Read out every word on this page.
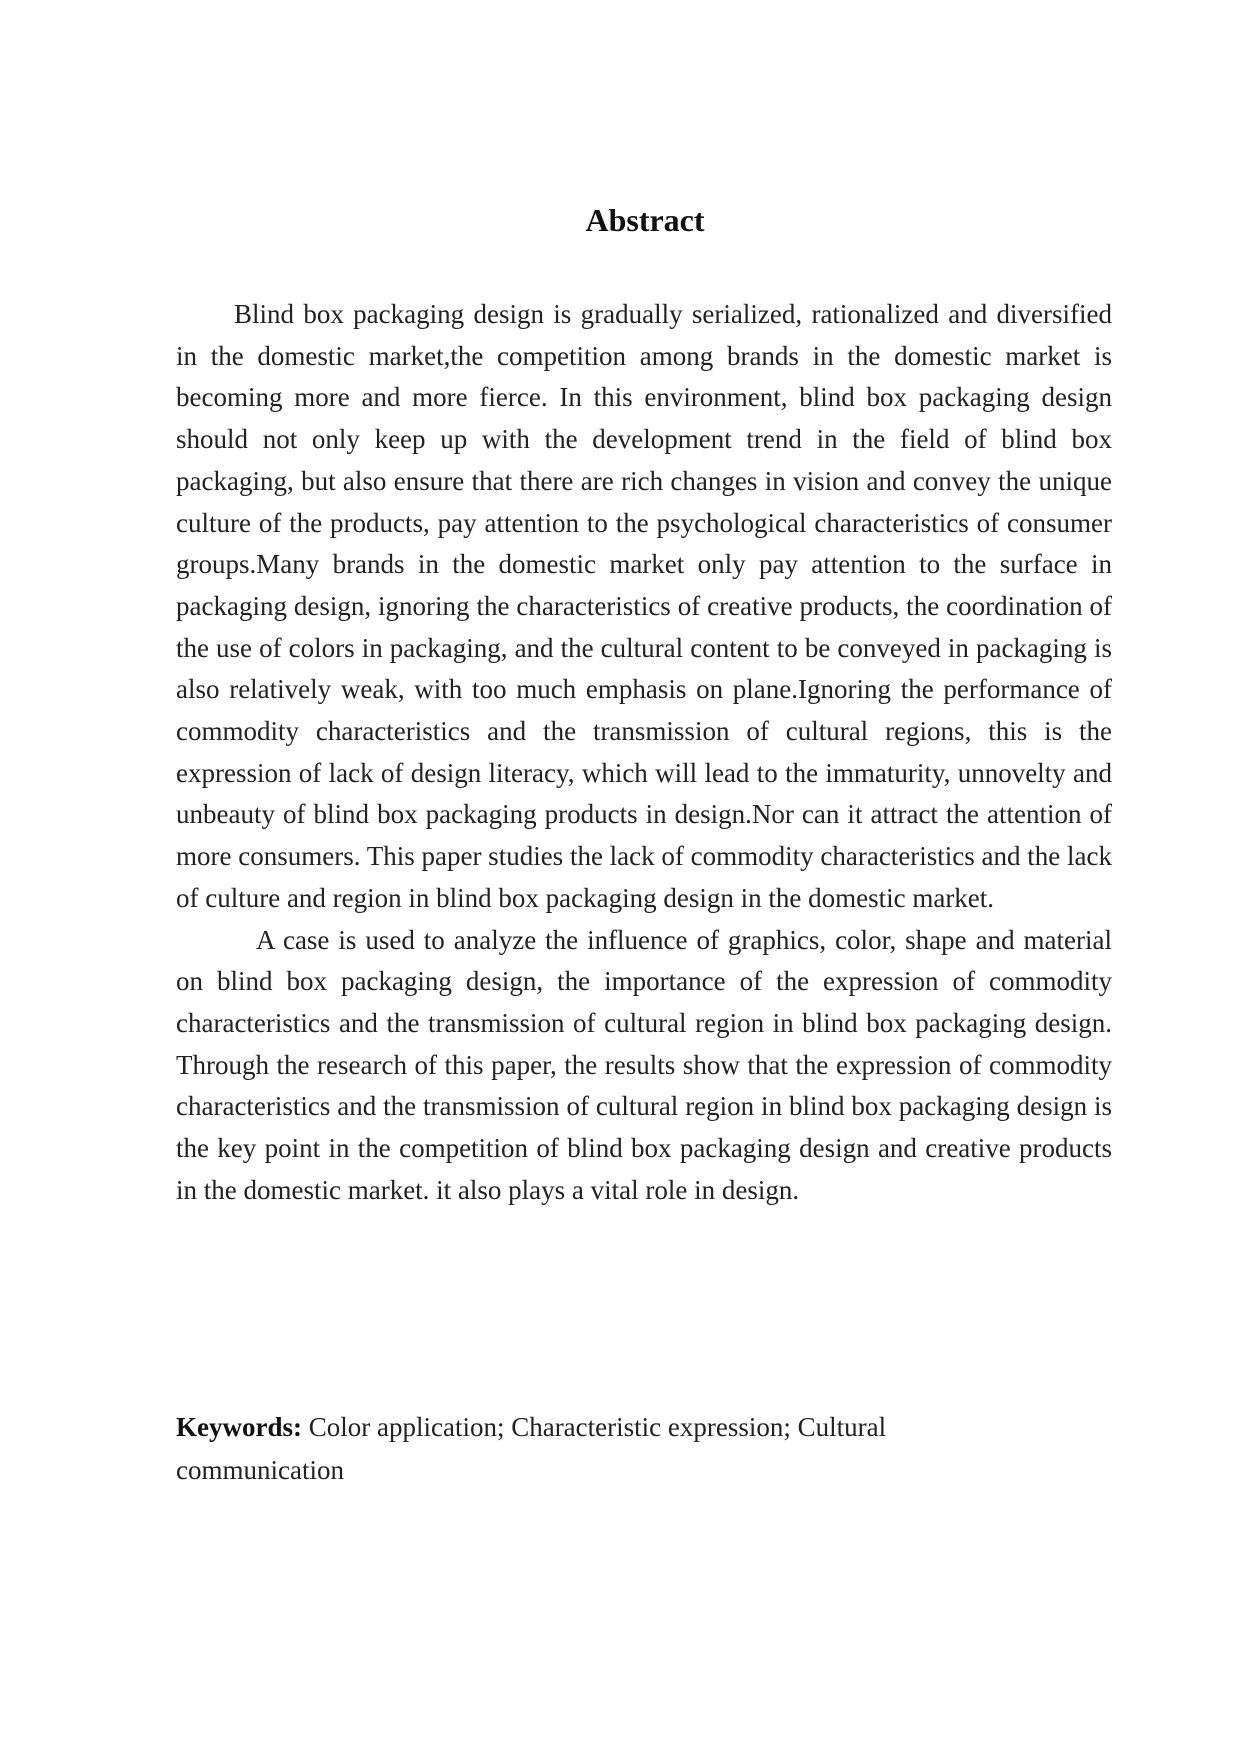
Abstract

Blind box packaging design is gradually serialized, rationalized and diversified in the domestic market,the competition among brands in the domestic market is becoming more and more fierce. In this environment, blind box packaging design should not only keep up with the development trend in the field of blind box packaging, but also ensure that there are rich changes in vision and convey the unique culture of the products, pay attention to the psychological characteristics of consumer groups.Many brands in the domestic market only pay attention to the surface in packaging design, ignoring the characteristics of creative products, the coordination of the use of colors in packaging, and the cultural content to be conveyed in packaging is also relatively weak, with too much emphasis on plane.Ignoring the performance of commodity characteristics and the transmission of cultural regions, this is the expression of lack of design literacy, which will lead to the immaturity, unnovelty and unbeauty of blind box packaging products in design.Nor can it attract the attention of more consumers. This paper studies the lack of commodity characteristics and the lack of culture and region in blind box packaging design in the domestic market.

A case is used to analyze the influence of graphics, color, shape and material on blind box packaging design, the importance of the expression of commodity characteristics and the transmission of cultural region in blind box packaging design. Through the research of this paper, the results show that the expression of commodity characteristics and the transmission of cultural region in blind box packaging design is the key point in the competition of blind box packaging design and creative products in the domestic market. it also plays a vital role in design.

Keywords: Color application; Characteristic expression; Cultural communication
